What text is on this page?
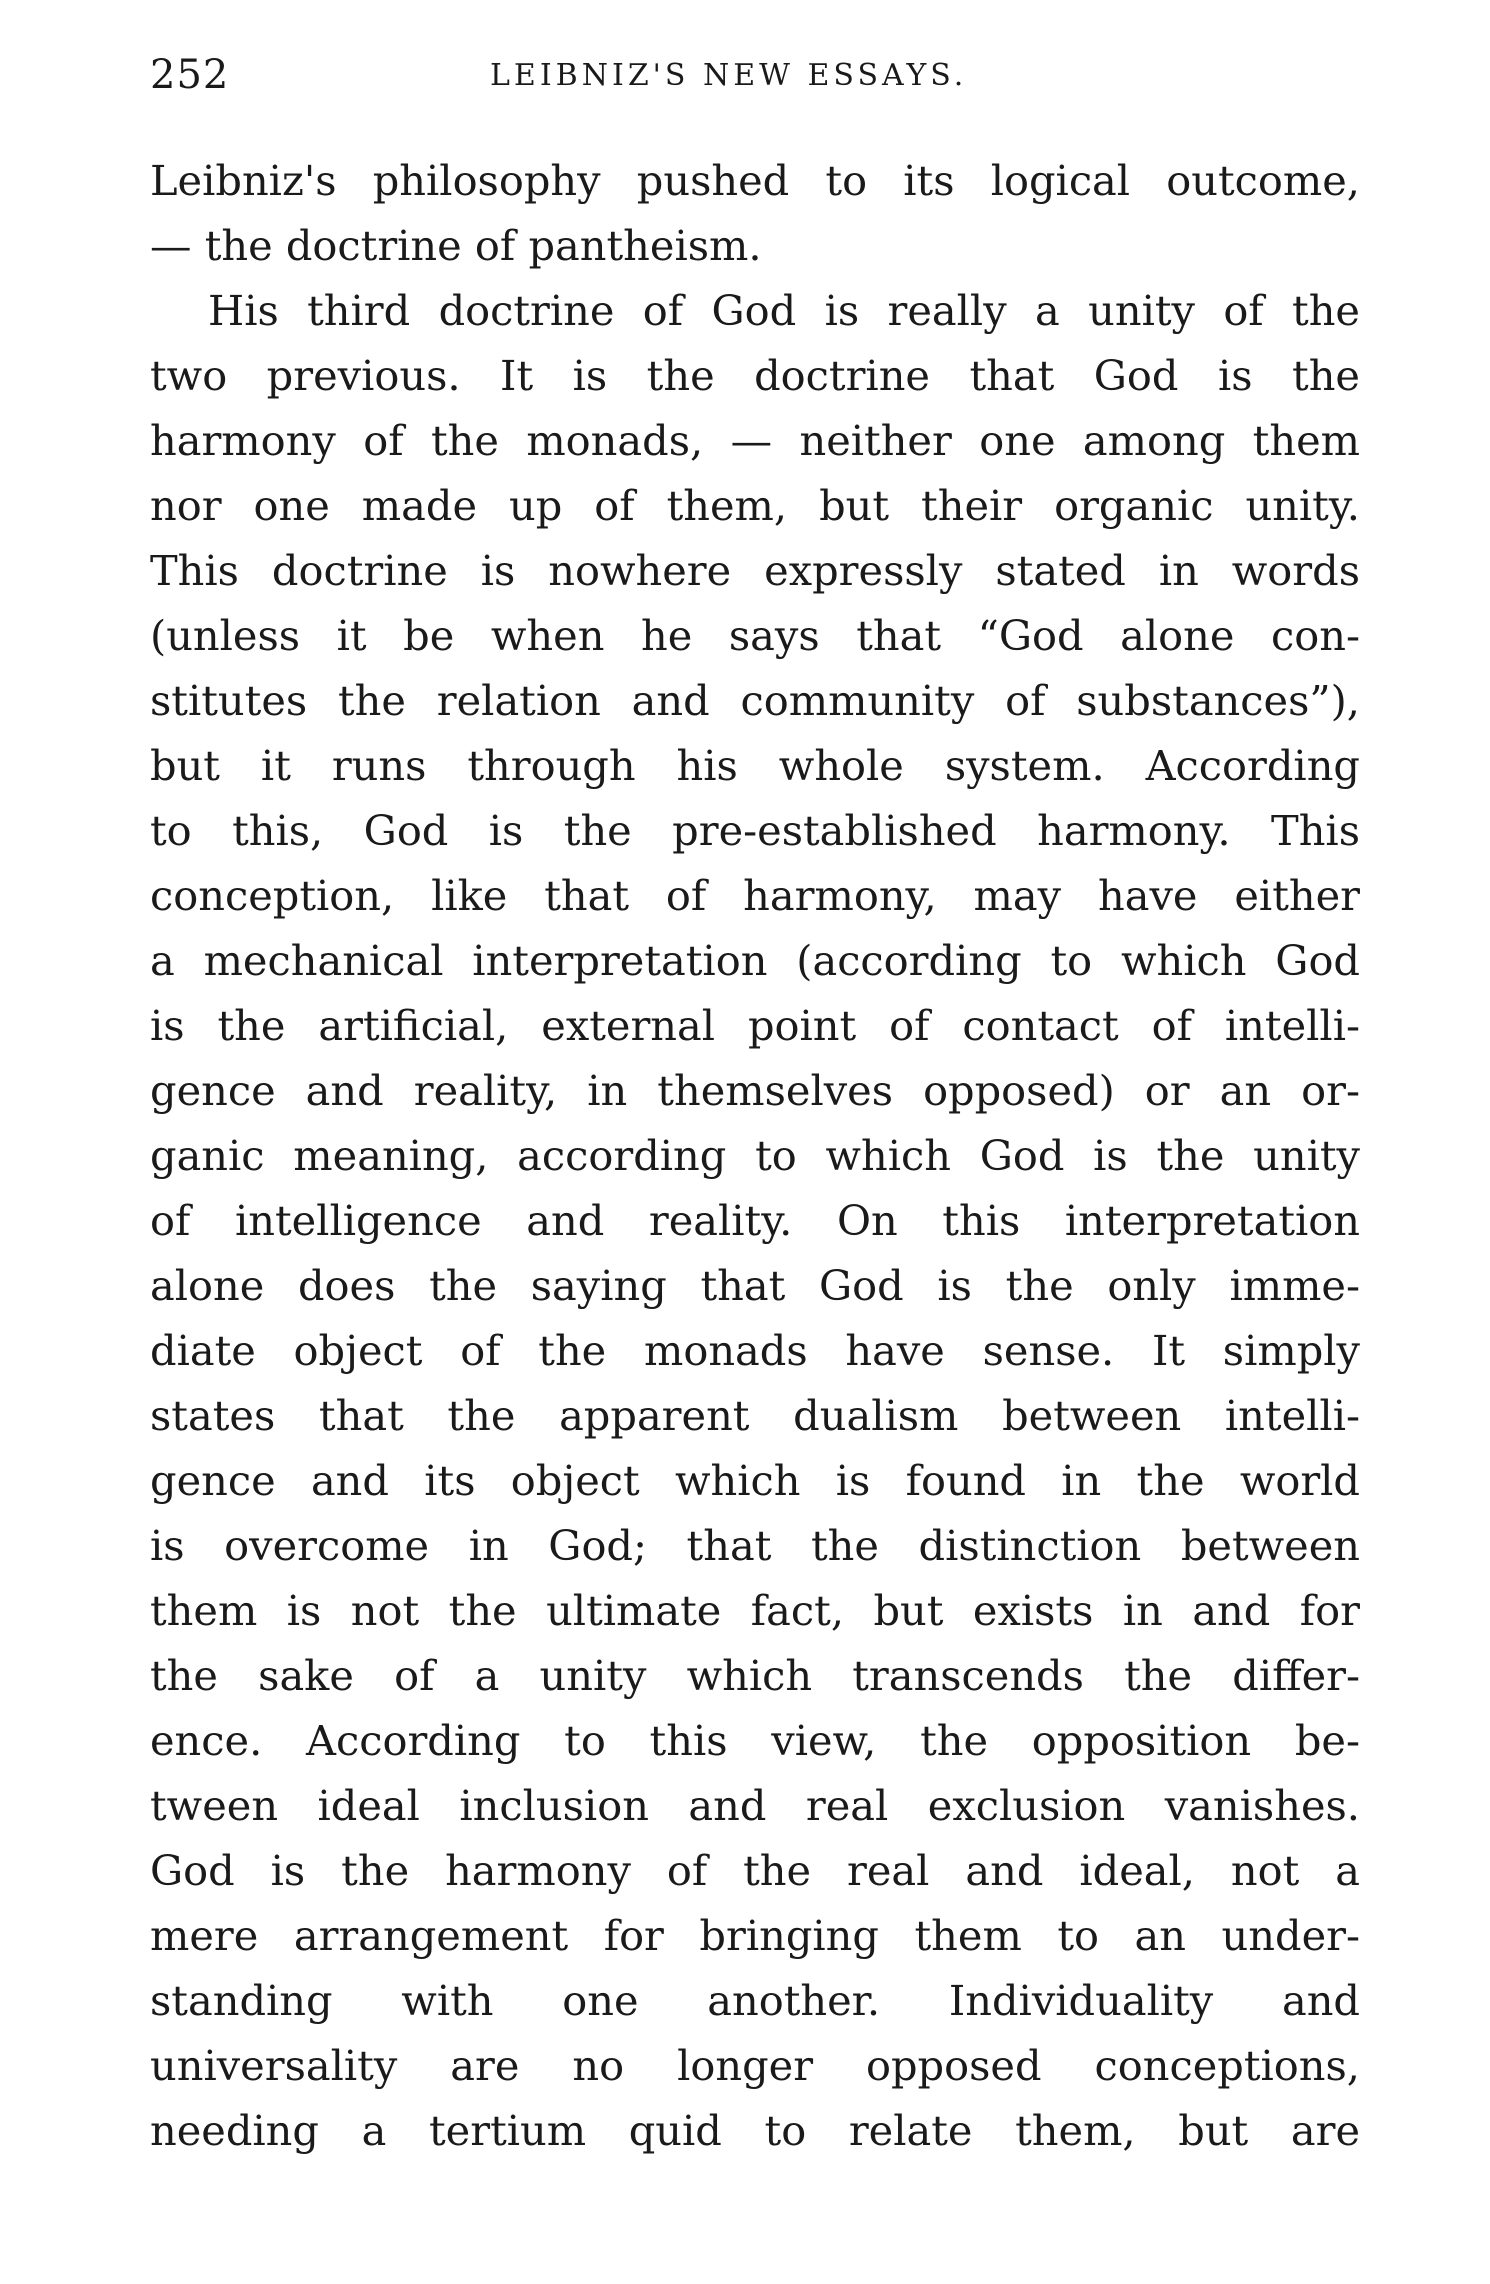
252	LEIBNIZ'S NEW ESSAYS.
Leibniz's philosophy pushed to its logical outcome,
— the doctrine of pantheism.
His third doctrine of God is really a unity of the
two previous. It is the doctrine that God is the
harmony of the monads, — neither one among them
nor one made up of them, but their organic unity.
This doctrine is nowhere expressly stated in words
(unless it be when he says that “God alone con-
stitutes the relation and community of substances”),
but it runs through his whole system. According
to this, God is the pre-established harmony. This
conception, like that of harmony, may have either
a mechanical interpretation (according to which God
is the artificial, external point of contact of intelli-
gence and reality, in themselves opposed) or an or-
ganic meaning, according to which God is the unity
of intelligence and reality. On this interpretation
alone does the saying that God is the only imme-
diate object of the monads have sense. It simply
states that the apparent dualism between intelli-
gence and its object which is found in the world
is overcome in God; that the distinction between
them is not the ultimate fact, but exists in and for
the sake of a unity which transcends the differ-
ence. According to this view, the opposition be-
tween ideal inclusion and real exclusion vanishes.
God is the harmony of the real and ideal, not a
mere arrangement for bringing them to an under-
standing with one another. Individuality and
universality are no longer opposed conceptions,
needing a tertium quid to relate them, but are
